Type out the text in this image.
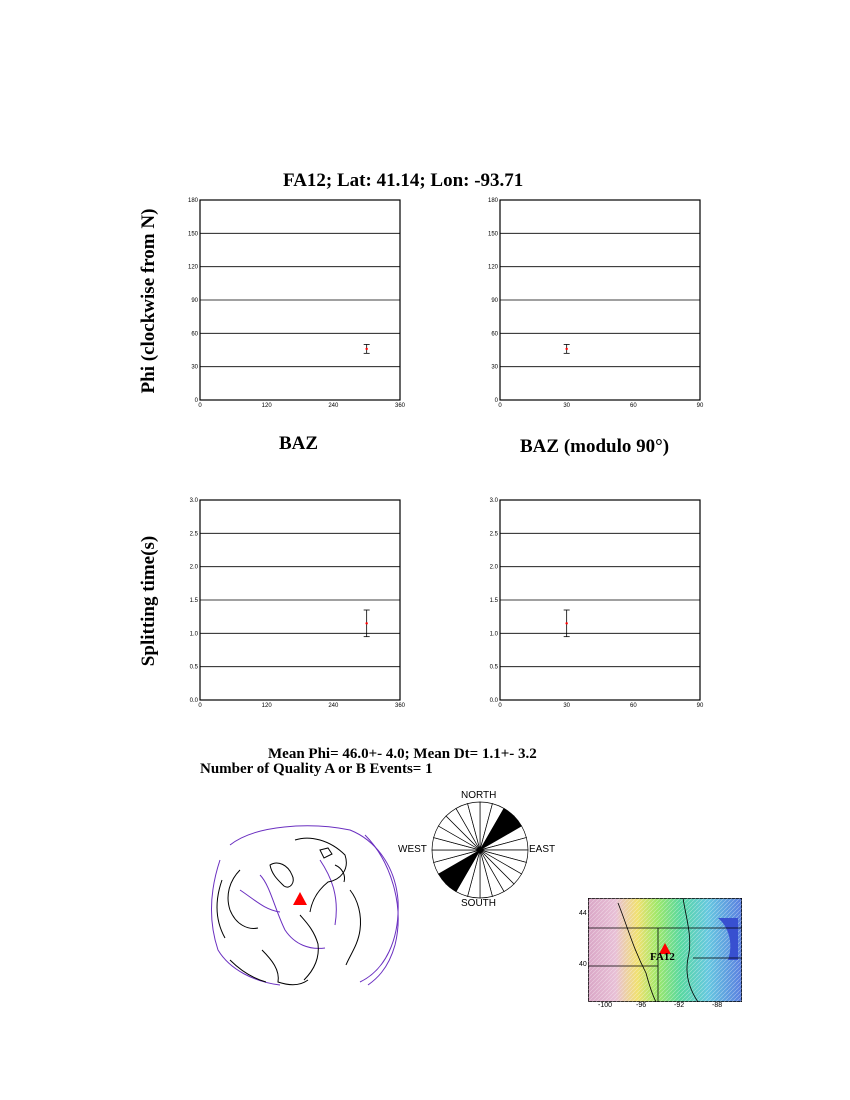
FA12; Lat: 41.14; Lon: -93.71
Phi (clockwise from N)
Splitting time(s)
BAZ	BAZ (modulo 90°)
30
60
90
120
150
180
0
0	120	240	360
30
60
90
120
150
180
0
0	30	60	90
0.0
0.5
1.0
1.5
2.0
2.5
3.0
0	120	240	360
0.0
0.5
1.0
1.5
2.0
2.5
3.0
0	30	60	90
Mean Phi= 46.0+- 4.0; Mean Dt= 1.1+- 3.2
Number of Quality A or B Events= 1
NORTH
SOUTH
EAST
WEST
FA12
44
40
-100	-96	-92	-88
